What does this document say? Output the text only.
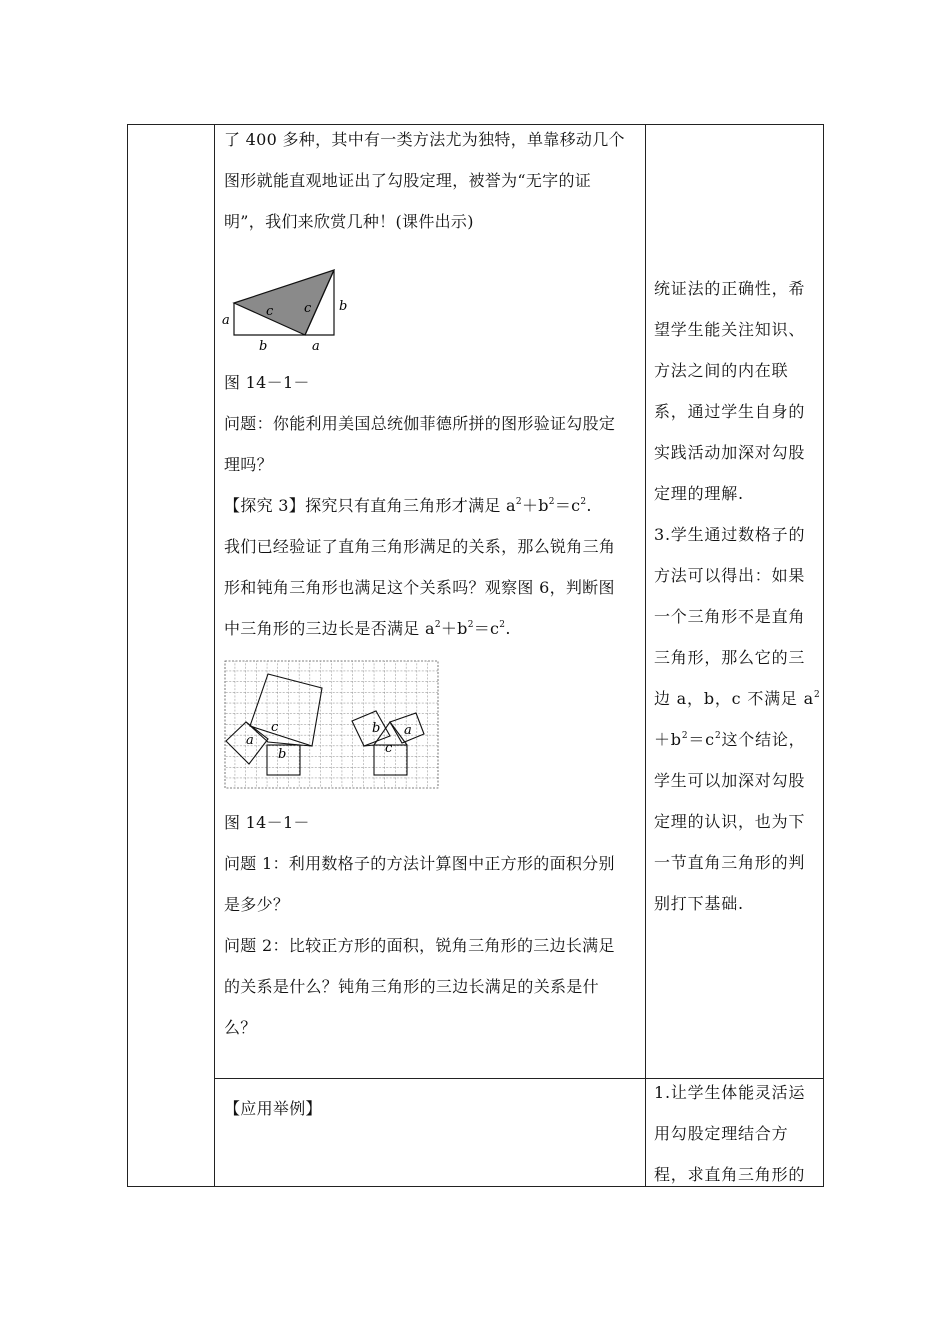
了 400 多种，其中有一类方法尤为独特，单靠移动几个

图形就能直观地证出了勾股定理，被誉为“无字的证

明”，我们来欣赏几种！(课件出示)

a
c c b
b	a

图 14－1－

问题：你能利用美国总统伽菲德所拼的图形验证勾股定

理吗？

【探究 3】探究只有直角三角形才满足 $a^2+b^2=c^2$.

我们已经验证了直角三角形满足的关系，那么锐角三角

形和钝角三角形也满足这个关系吗？观察图 6，判断图

中三角形的三边长是否满足 $a^2+b^2=c^2$.

a
c
b
b a
c

图 14－1－

问题 1：利用数格子的方法计算图中正方形的面积分别

是多少？

问题 2：比较正方形的面积，锐角三角形的三边长满足

的关系是什么？钝角三角形的三边长满足的关系是什

么？

【应用举例】

统证法的正确性，希

望学生能关注知识、

方法之间的内在联

系，通过学生自身的

实践活动加深对勾股

定理的理解.

3.学生通过数格子的

方法可以得出：如果

一个三角形不是直角

三角形，那么它的三

边 a，b，c 不满足 $a^2$

$+b^2=c^2$这个结论，

学生可以加深对勾股

定理的认识，也为下

一节直角三角形的判

别打下基础.

1.让学生体能灵活运

用勾股定理结合方

程，求直角三角形的
